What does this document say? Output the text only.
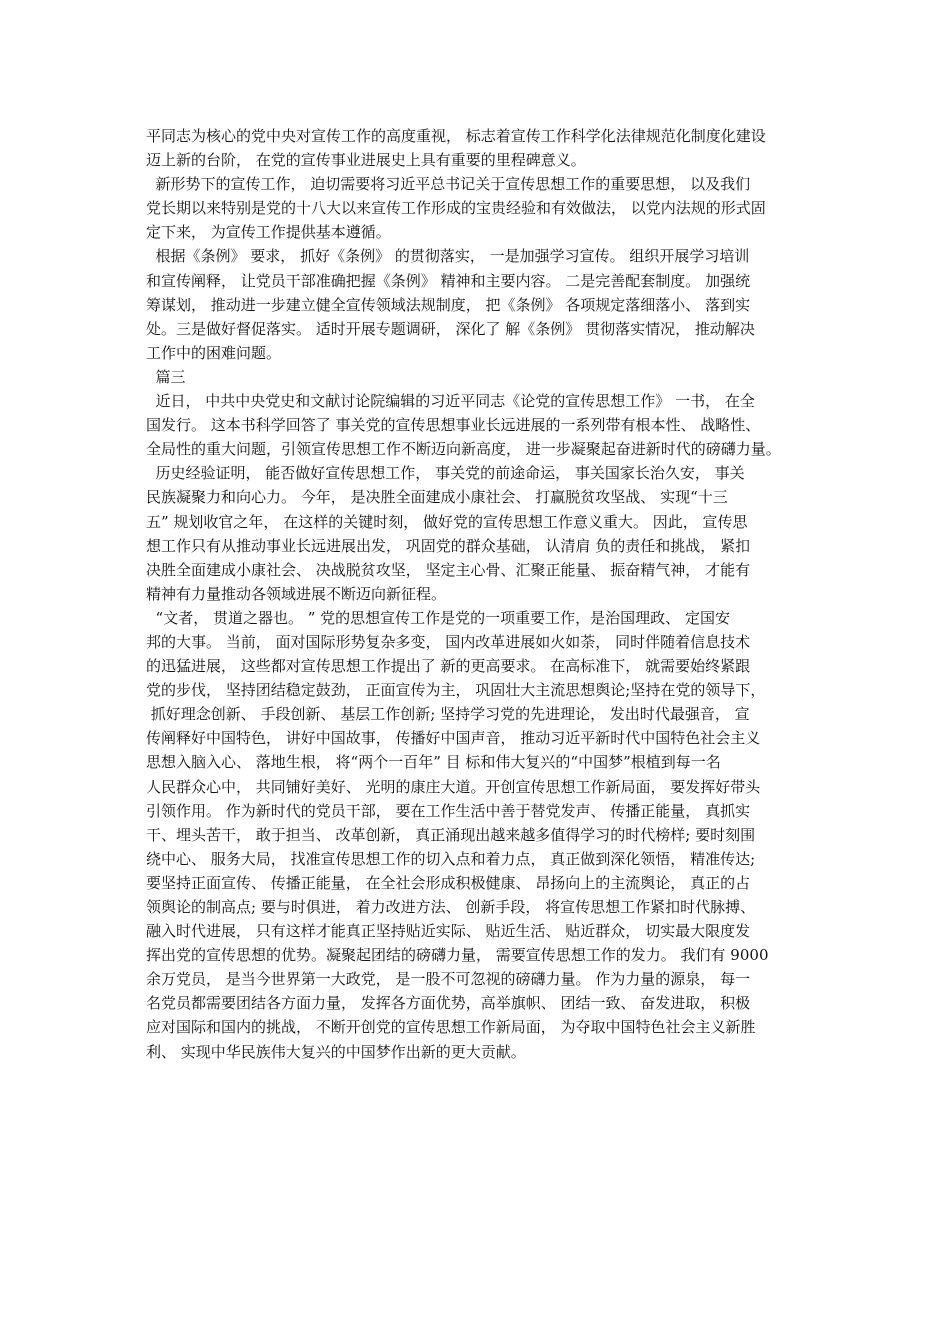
平同志为核心的党中央对宣传工作的高度重视， 标志着宣传工作科学化法律规范化制度化建设
迈上新的台阶， 在党的宣传事业进展史上具有重要的里程碑意义。
新形势下的宣传工作， 迫切需要将习近平总书记关于宣传思想工作的重要思想， 以及我们
党长期以来特别是党的十八大以来宣传工作形成的宝贵经验和有效做法， 以党内法规的形式固
定下来， 为宣传工作提供基本遵循。
根据《条例》 要求， 抓好《条例》 的贯彻落实， 一是加强学习宣传。 组织开展学习培训
和宣传阐释， 让党员干部准确把握《条例》 精神和主要内容。 二是完善配套制度。 加强统
筹谋划， 推动进一步建立健全宣传领域法规制度， 把《条例》 各项规定落细落小、 落到实
处。三是做好督促落实。 适时开展专题调研， 深化了 解《条例》 贯彻落实情况， 推动解决
工作中的困难问题。
篇三
近日， 中共中央党史和文献讨论院编辑的习近平同志《论党的宣传思想工作》 一书， 在全
国发行。 这本书科学回答了 事关党的宣传思想事业长远进展的一系列带有根本性、 战略性、
全局性的重大问题，引领宣传思想工作不断迈向新高度， 进一步凝聚起奋进新时代的磅礴力量。
历史经验证明， 能否做好宣传思想工作， 事关党的前途命运， 事关国家长治久安， 事关
民族凝聚力和向心力。 今年， 是决胜全面建成小康社会、 打赢脱贫攻坚战、 实现“十三
五” 规划收官之年， 在这样的关键时刻， 做好党的宣传思想工作意义重大。 因此， 宣传思
想工作只有从推动事业长远进展出发， 巩固党的群众基础， 认清肩 负的责任和挑战， 紧扣
决胜全面建成小康社会、 决战脱贫攻坚， 坚定主心骨、汇聚正能量、 振奋精气神， 才能有
精神有力量推动各领域进展不断迈向新征程。
“文者， 贯道之器也。 ” 党的思想宣传工作是党的一项重要工作，是治国理政、 定国安
邦的大事。 当前， 面对国际形势复杂多变， 国内改革进展如火如荼， 同时伴随着信息技术
的迅猛进展， 这些都对宣传思想工作提出了 新的更高要求。 在高标准下， 就需要始终紧跟
党的步伐， 坚持团结稳定鼓劲， 正面宣传为主， 巩固壮大主流思想舆论;坚持在党的领导下，
抓好理念创新、 手段创新、 基层工作创新; 坚持学习党的先进理论， 发出时代最强音， 宣
传阐释好中国特色， 讲好中国故事， 传播好中国声音， 推动习近平新时代中国特色社会主义
思想入脑入心、 落地生根， 将“两个一百年” 目 标和伟大复兴的“中国梦”根植到每一名
人民群众心中， 共同铺好美好、 光明的康庄大道。开创宣传思想工作新局面， 要发挥好带头
引领作用。 作为新时代的党员干部， 要在工作生活中善于替党发声、 传播正能量， 真抓实
干、埋头苦干， 敢于担当、 改革创新， 真正涌现出越来越多值得学习的时代榜样; 要时刻围
绕中心、 服务大局， 找准宣传思想工作的切入点和着力点， 真正做到深化领悟， 精准传达;
要坚持正面宣传、 传播正能量， 在全社会形成积极健康、 昂扬向上的主流舆论， 真正的占
领舆论的制高点; 要与时俱进， 着力改进方法、 创新手段， 将宣传思想工作紧扣时代脉搏、
融入时代进展， 只有这样才能真正坚持贴近实际、 贴近生活、 贴近群众， 切实最大限度发
挥出党的宣传思想的优势。凝聚起团结的磅礴力量， 需要宣传思想工作的发力。 我们有 9000
余万党员， 是当今世界第一大政党， 是一股不可忽视的磅礴力量。 作为力量的源泉， 每一
名党员都需要团结各方面力量， 发挥各方面优势，高举旗帜、 团结一致、 奋发进取， 积极
应对国际和国内的挑战， 不断开创党的宣传思想工作新局面， 为夺取中国特色社会主义新胜
利、 实现中华民族伟大复兴的中国梦作出新的更大贡献。
